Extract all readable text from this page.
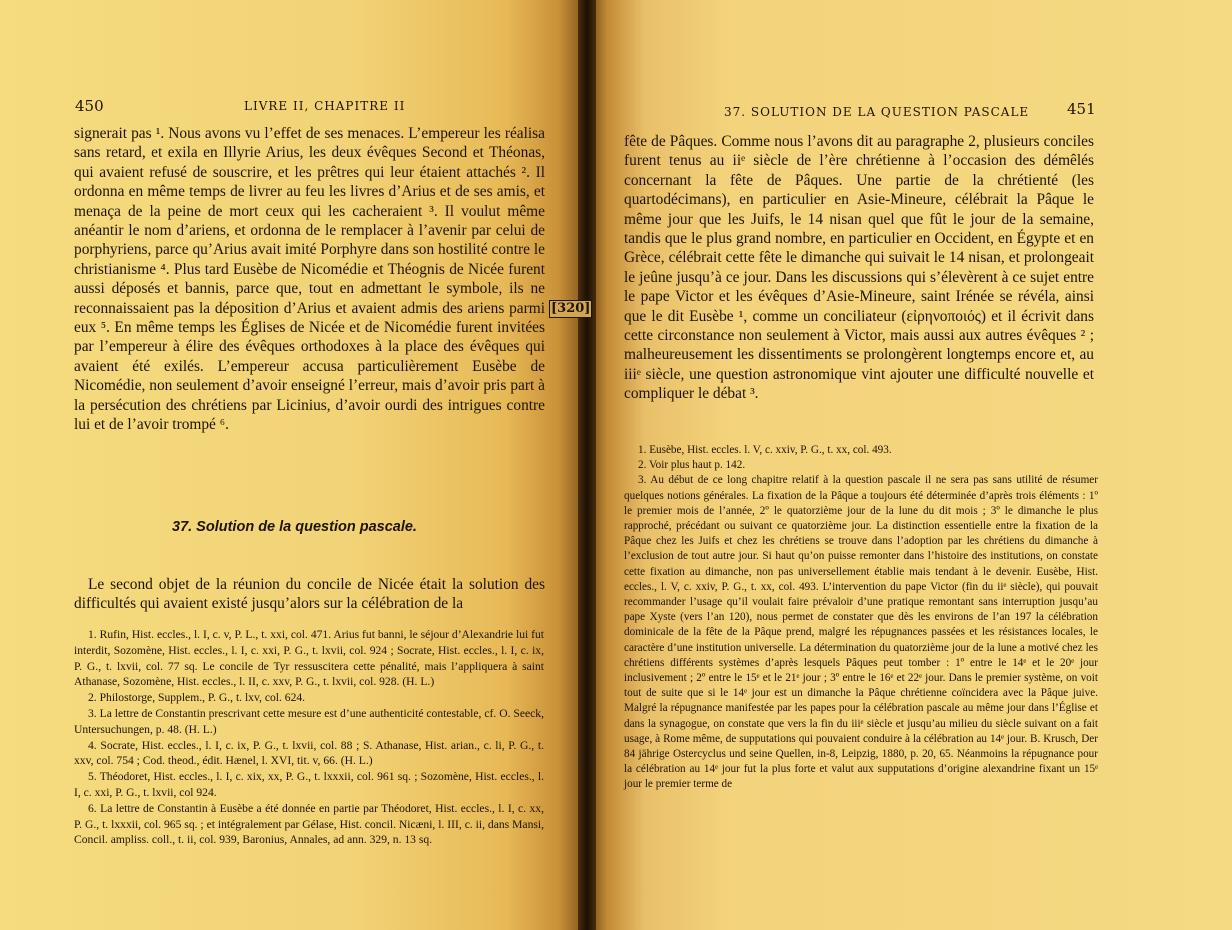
450	LIVRE II, CHAPITRE II

signerait pas ¹. Nous avons vu l’effet de ses menaces. L’empereur les réalisa sans retard, et exila en Illyrie Arius, les deux évêques Second et Théonas, qui avaient refusé de souscrire, et les prêtres qui leur étaient attachés ². Il ordonna en même temps de livrer au feu les livres d’Arius et de ses amis, et menaça de la peine de mort ceux qui les cacheraient ³. Il voulut même anéantir le nom d’ariens, et ordonna de le remplacer à l’avenir par celui de porphyriens, parce qu’Arius avait imité Porphyre dans son hostilité contre le christianisme ⁴. Plus tard Eusèbe de Nicomédie et Théognis de Nicée furent aussi déposés et bannis, parce que, tout en admettant le symbole, ils ne reconnaissaient pas la déposition d’Arius et avaient admis des ariens parmi eux ⁵. En même temps les Églises de Nicée et de Nicomédie furent invitées par l’empereur à élire des évêques orthodoxes à la place des évêques qui avaient été exilés. L’empereur accusa particulièrement Eusèbe de Nicomédie, non seulement d’avoir enseigné l’erreur, mais d’avoir pris part à la persécution des chrétiens par Licinius, d’avoir ourdi des intrigues contre lui et de l’avoir trompé ⁶.

37. Solution de la question pascale.

Le second objet de la réunion du concile de Nicée était la solution des difficultés qui avaient existé jusqu’alors sur la célébration de la

1. Rufin, Hist. eccles., l. I, c. v, P. L., t. xxi, col. 471. Arius fut banni, le séjour d’Alexandrie lui fut interdit, Sozomène, Hist. eccles., l. I, c. xxi, P. G., t. lxvii, col. 924 ; Socrate, Hist. eccles., l. I, c. ix, P. G., t. lxvii, col. 77 sq. Le concile de Tyr ressuscitera cette pénalité, mais l’appliquera à saint Athanase, Sozomène, Hist. eccles., l. II, c. xxv, P. G., t. lxvii, col. 928. (H. L.)

2. Philostorge, Supplem., P. G., t. lxv, col. 624.

3. La lettre de Constantin prescrivant cette mesure est d’une authenticité contestable, cf. O. Seeck, Untersuchungen, p. 48. (H. L.)

4. Socrate, Hist. eccles., l. I, c. ix, P. G., t. lxvii, col. 88 ; S. Athanase, Hist. arian., c. li, P. G., t. xxv, col. 754 ; Cod. theod., édit. Hænel, l. XVI, tit. v, 66. (H. L.)

5. Théodoret, Hist. eccles., l. I, c. xix, xx, P. G., t. lxxxii, col. 961 sq. ; Sozomène, Hist. eccles., l. I, c. xxi, P. G., t. lxvii, col 924.

6. La lettre de Constantin à Eusèbe a été donnée en partie par Théodoret, Hist. eccles., l. I, c. xx, P. G., t. lxxxii, col. 965 sq. ; et intégralement par Gélase, Hist. concil. Nicæni, l. III, c. ii, dans Mansi, Concil. ampliss. coll., t. ii, col. 939, Baronius, Annales, ad ann. 329, n. 13 sq.

37. SOLUTION DE LA QUESTION PASCALE	451

fête de Pâques. Comme nous l’avons dit au paragraphe 2, plusieurs conciles furent tenus au iiᵉ siècle de l’ère chrétienne à l’occasion des démêlés concernant la fête de Pâques. Une partie de la chrétienté (les quartodécimans), en particulier en Asie-Mineure, célébrait la Pâque le même jour que les Juifs, le 14 nisan quel que fût le jour de la semaine, tandis que le plus grand nombre, en particulier en Occident, en Égypte et en Grèce, célébrait cette fête le dimanche qui suivait le 14 nisan, et prolongeait le jeûne jusqu’à ce jour. Dans les discussions qui s’élevèrent à ce sujet entre le pape Victor et les évêques d’Asie-Mineure, saint Irénée se révéla, ainsi que le dit Eusèbe ¹, comme un conciliateur (εἰρηνοποιός) et il écrivit dans cette circonstance non seulement à Victor, mais aussi aux autres évêques ² ; malheureusement les dissentiments se prolongèrent longtemps encore et, au iiiᵉ siècle, une question astronomique vint ajouter une difficulté nouvelle et compliquer le débat ³.

1. Eusèbe, Hist. eccles. l. V, c. xxiv, P. G., t. xx, col. 493.

2. Voir plus haut p. 142.

3. Au début de ce long chapitre relatif à la question pascale il ne sera pas sans utilité de résumer quelques notions générales. La fixation de la Pâque a toujours été déterminée d’après trois éléments : 1º le premier mois de l’année, 2º le quatorzième jour de la lune du dit mois ; 3º le dimanche le plus rapproché, précédant ou suivant ce quatorzième jour. La distinction essentielle entre la fixation de la Pâque chez les Juifs et chez les chrétiens se trouve dans l’adoption par les chrétiens du dimanche à l’exclusion de tout autre jour. Si haut qu’on puisse remonter dans l’histoire des institutions, on constate cette fixation au dimanche, non pas universellement établie mais tendant à le devenir. Eusèbe, Hist. eccles., l. V, c. xxiv, P. G., t. xx, col. 493. L’intervention du pape Victor (fin du iiᵉ siècle), qui pouvait recommander l’usage qu’il voulait faire prévaloir d’une pratique remontant sans interruption jusqu’au pape Xyste (vers l’an 120), nous permet de constater que dès les environs de l’an 197 la célébration dominicale de la fête de la Pâque prend, malgré les répugnances passées et les résistances locales, le caractère d’une institution universelle. La détermination du quatorzième jour de la lune a motivé chez les chrétiens différents systèmes d’après lesquels Pâques peut tomber : 1º entre le 14ᵉ et le 20ᵉ jour inclusivement ; 2º entre le 15ᵉ et le 21ᵉ jour ; 3º entre le 16ᵉ et 22ᵉ jour. Dans le premier système, on voit tout de suite que si le 14ᵉ jour est un dimanche la Pâque chrétienne coïncidera avec la Pâque juive. Malgré la répugnance manifestée par les papes pour la célébration pascale au même jour dans l’Église et dans la synagogue, on constate que vers la fin du iiiᵉ siècle et jusqu’au milieu du siècle suivant on a fait usage, à Rome même, de supputations qui pouvaient conduire à la célébration au 14ᵉ jour. B. Krusch, Der 84 jährige Ostercyclus und seine Quellen, in-8, Leipzig, 1880, p. 20, 65. Néanmoins la répugnance pour la célébration au 14ᵉ jour fut la plus forte et valut aux supputations d’origine alexandrine fixant un 15ᵉ jour le premier terme de

[320]
